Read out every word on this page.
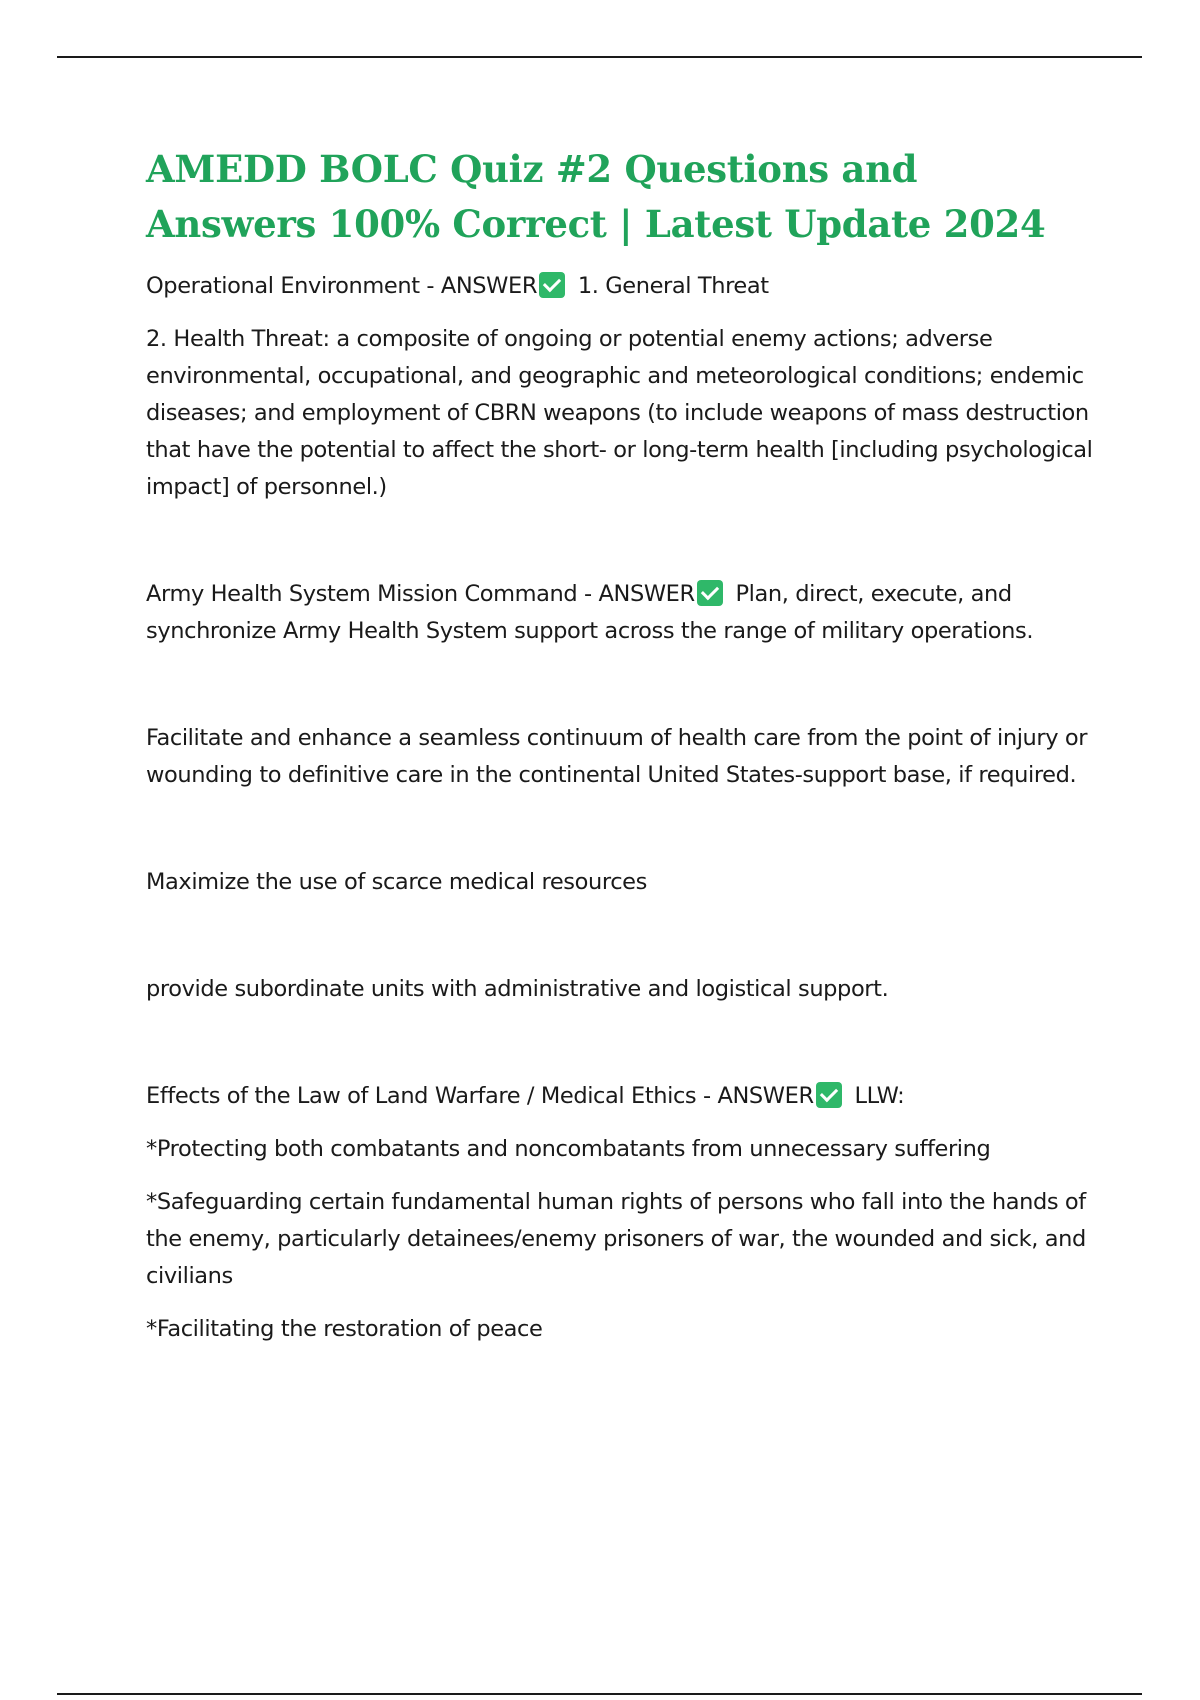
AMEDD BOLC Quiz #2 Questions and Answers 100% Correct | Latest Update 2024

Operational Environment - ANSWER 1. General Threat

2. Health Threat: a composite of ongoing or potential enemy actions; adverse environmental, occupational, and geographic and meteorological conditions; endemic diseases; and employment of CBRN weapons (to include weapons of mass destruction that have the potential to affect the short- or long-term health [including psychological impact] of personnel.)

Army Health System Mission Command - ANSWER Plan, direct, execute, and synchronize Army Health System support across the range of military operations.

Facilitate and enhance a seamless continuum of health care from the point of injury or wounding to definitive care in the continental United States-support base, if required.

Maximize the use of scarce medical resources

provide subordinate units with administrative and logistical support.

Effects of the Law of Land Warfare / Medical Ethics - ANSWER LLW:

*Protecting both combatants and noncombatants from unnecessary suffering

*Safeguarding certain fundamental human rights of persons who fall into the hands of the enemy, particularly detainees/enemy prisoners of war, the wounded and sick, and civilians

*Facilitating the restoration of peace
